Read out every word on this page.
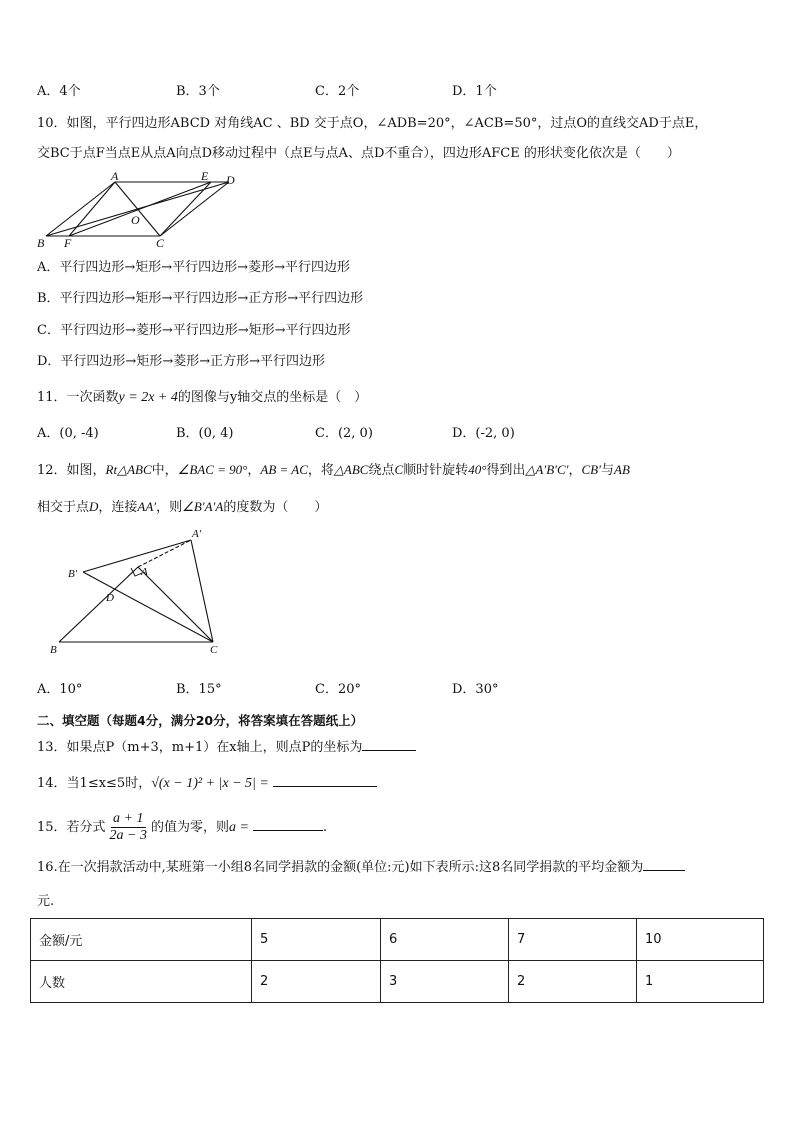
A．4个	B．3个	C．2个	D．1个
10．如图，平行四边形ABCD 对角线AC 、BD 交于点O，∠ADB=20°，∠ACB=50°，过点O的直线交AD于点E，
交BC于点F当点E从点A向点D移动过程中（点E与点A、点D不重合），四边形AFCE 的形状变化依次是（　　）
A	E D
O
B F	C
A．平行四边形→矩形→平行四边形→菱形→平行四边形
B．平行四边形→矩形→平行四边形→正方形→平行四边形
C．平行四边形→菱形→平行四边形→矩形→平行四边形
D．平行四边形→矩形→菱形→正方形→平行四边形
11．一次函数y = 2x + 4的图像与y轴交点的坐标是（　）
A．(0, -4)	B．(0, 4)	C．(2, 0)	D．(-2, 0)
12．如图，Rt△ABC中，∠BAC = 90°，AB = AC，将△ABC绕点C顺时针旋转40°得到出△A′B′C′，CB′与AB
相交于点D，连接AA′，则∠B′A′A的度数为（　　）
A′
B′	A
D
B	C
A．10°	B．15°	C．20°	D．30°
二、填空题（每题4分，满分20分，将答案填在答题纸上）
13．如果点P（m+3，m+1）在x轴上，则点P的坐标为
14．当1≤x≤5时，√(x − 1)² + |x − 5| =
15．若分式 $\frac{a + 1}{2a - 3}$ 的值为零，则a =	.
16.在一次捐款活动中,某班第一小组8名同学捐款的金额(单位:元)如下表所示:这8名同学捐款的平均金额为
元.
金额/元	5	6	7	10
人数	2	3	2	1
